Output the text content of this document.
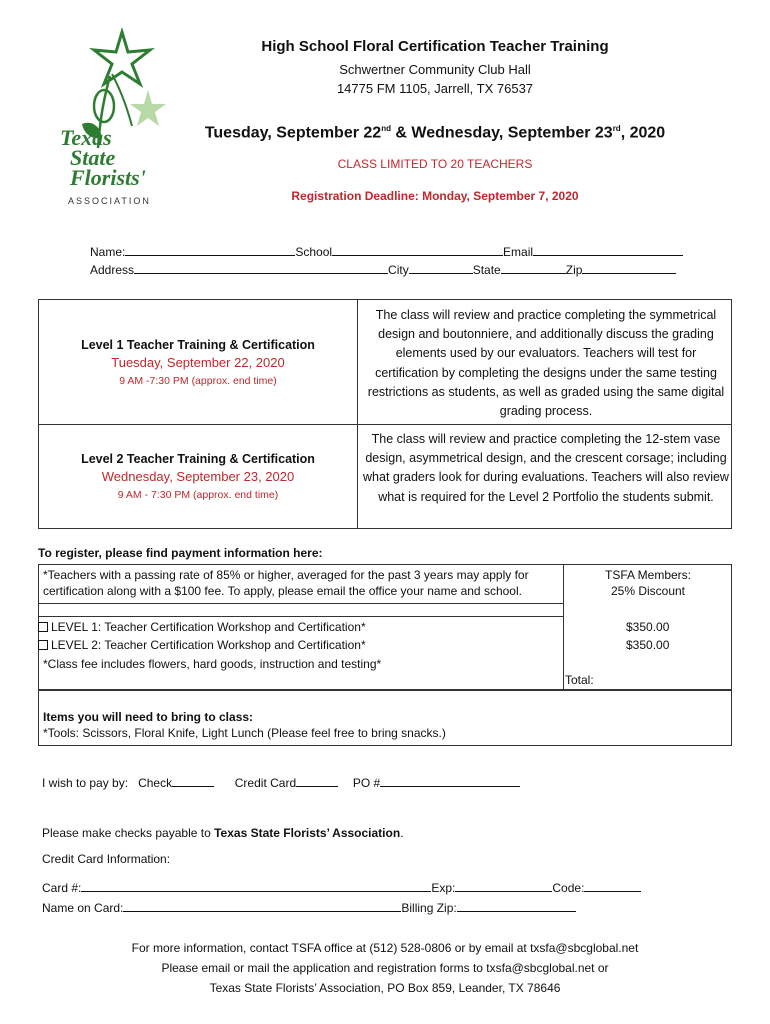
Texas
State
Florists'
ASSOCIATION
High School Floral Certification Teacher Training
Schwertner Community Club Hall
14775 FM 1105, Jarrell, TX 76537
Tuesday, September 22nd & Wednesday, September 23rd, 2020
CLASS LIMITED TO 20 TEACHERS
Registration Deadline: Monday, September 7, 2020
Name:	School	Email
Address	City	State	Zip
Level 1 Teacher Training & Certification
Tuesday, September 22, 2020
9 AM -7:30 PM (approx. end time)
The class will review and practice completing the symmetrical design and boutonniere, and additionally discuss the grading elements used by our evaluators. Teachers will test for certification by completing the designs under the same testing restrictions as students, as well as graded using the same digital grading process.
Level 2 Teacher Training & Certification
Wednesday, September 23, 2020
9 AM - 7:30 PM (approx. end time)
The class will review and practice completing the 12-stem vase design, asymmetrical design, and the crescent corsage; including what graders look for during evaluations. Teachers will also review what is required for the Level 2 Portfolio the students submit.
To register, please find payment information here:
*Teachers with a passing rate of 85% or higher, averaged for the past 3 years may apply for certification along with a $100 fee. To apply, please email the office your name and school.
TSFA Members:
25% Discount
LEVEL 1: Teacher Certification Workshop and Certification*	$350.00
LEVEL 2: Teacher Certification Workshop and Certification*	$350.00
*Class fee includes flowers, hard goods, instruction and testing*
Total:
Items you will need to bring to class:
*Tools: Scissors, Floral Knife, Light Lunch (Please feel free to bring snacks.)
I wish to pay by: Check	Credit Card	PO #
Please make checks payable to Texas State Florists’ Association.
Credit Card Information:
Card #:	Exp:	Code:
Name on Card:	Billing Zip:
For more information, contact TSFA office at (512) 528-0806 or by email at txsfa@sbcglobal.net
Please email or mail the application and registration forms to txsfa@sbcglobal.net or
Texas State Florists’ Association, PO Box 859, Leander, TX 78646
